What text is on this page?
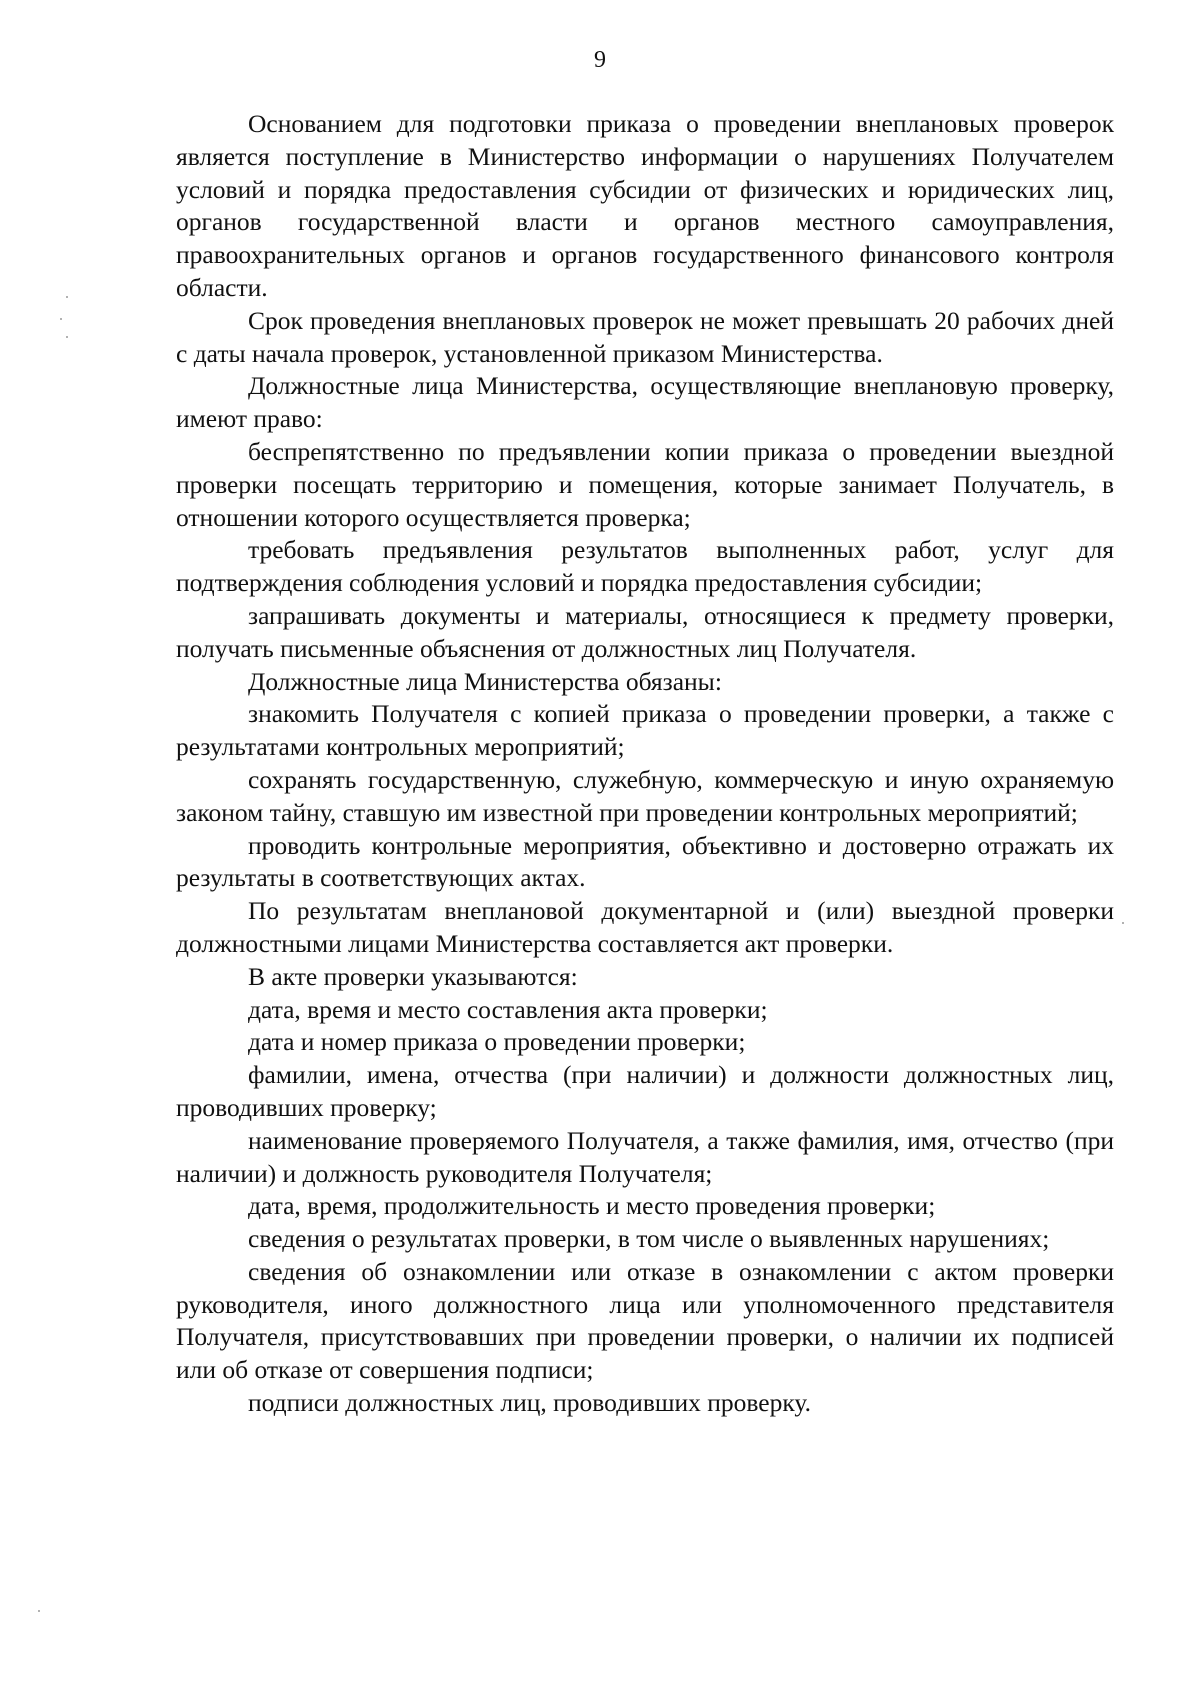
9

Основанием для подготовки приказа о проведении внеплановых проверок является поступление в Министерство информации о нарушениях Получателем условий и порядка предоставления субсидии от физических и юридических лиц, органов государственной власти и органов местного самоуправления, правоохранительных органов и органов государственного финансового контроля области.

Срок проведения внеплановых проверок не может превышать 20 рабочих дней с даты начала проверок, установленной приказом Министерства.

Должностные лица Министерства, осуществляющие внеплановую проверку, имеют право:

беспрепятственно по предъявлении копии приказа о проведении выездной проверки посещать территорию и помещения, которые занимает Получатель, в отношении которого осуществляется проверка;

требовать предъявления результатов выполненных работ, услуг для подтверждения соблюдения условий и порядка предоставления субсидии;

запрашивать документы и материалы, относящиеся к предмету проверки, получать письменные объяснения от должностных лиц Получателя.

Должностные лица Министерства обязаны:

знакомить Получателя с копией приказа о проведении проверки, а также с результатами контрольных мероприятий;

сохранять государственную, служебную, коммерческую и иную охраняемую законом тайну, ставшую им известной при проведении контрольных мероприятий;

проводить контрольные мероприятия, объективно и достоверно отражать их результаты в соответствующих актах.

По результатам внеплановой документарной и (или) выездной проверки должностными лицами Министерства составляется акт проверки.

В акте проверки указываются:

дата, время и место составления акта проверки;

дата и номер приказа о проведении проверки;

фамилии, имена, отчества (при наличии) и должности должностных лиц, проводивших проверку;

наименование проверяемого Получателя, а также фамилия, имя, отчество (при наличии) и должность руководителя Получателя;

дата, время, продолжительность и место проведения проверки;

сведения о результатах проверки, в том числе о выявленных нарушениях;

сведения об ознакомлении или отказе в ознакомлении с актом проверки руководителя, иного должностного лица или уполномоченного представителя Получателя, присутствовавших при проведении проверки, о наличии их подписей или об отказе от совершения подписи;

подписи должностных лиц, проводивших проверку.
